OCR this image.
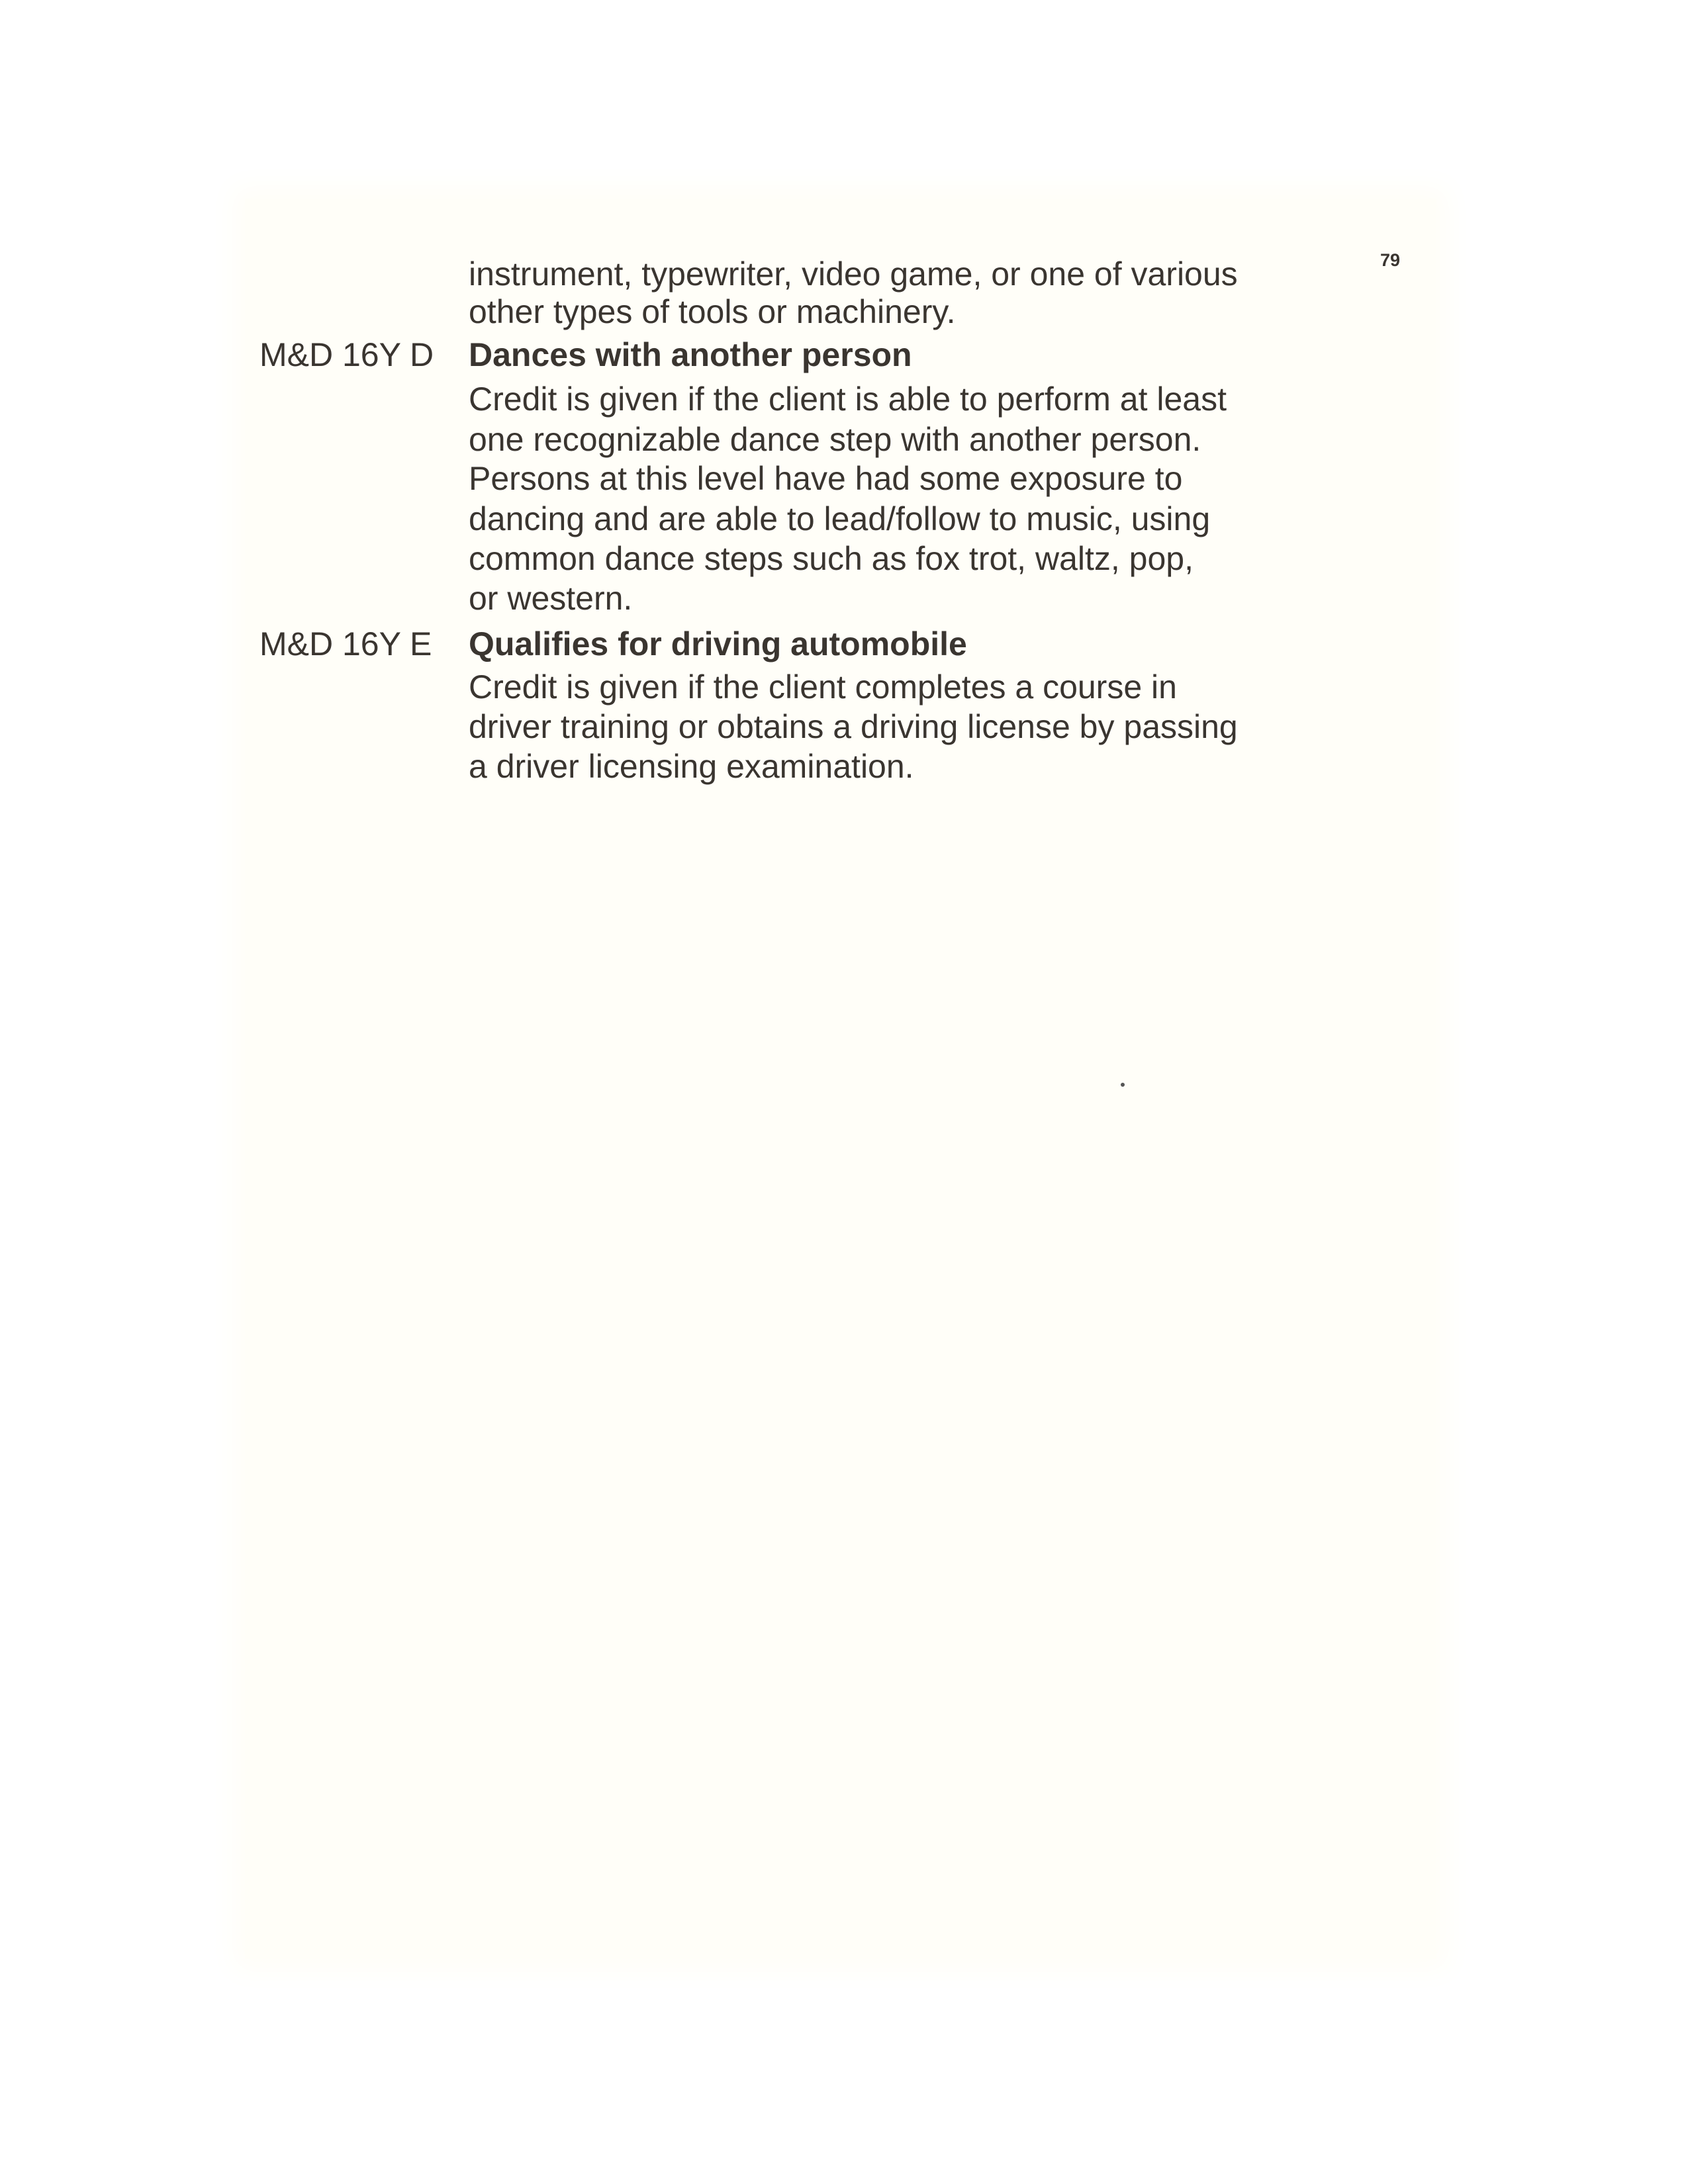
79
instrument, typewriter, video game, or one of various
other types of tools or machinery.
M&D 16Y D Dances with another person
Credit is given if the client is able to perform at least
one recognizable dance step with another person.
Persons at this level have had some exposure to
dancing and are able to lead/follow to music, using
common dance steps such as fox trot, waltz, pop,
or western.
M&D 16Y E Qualifies for driving automobile
Credit is given if the client completes a course in
driver training or obtains a driving license by passing
a driver licensing examination.
